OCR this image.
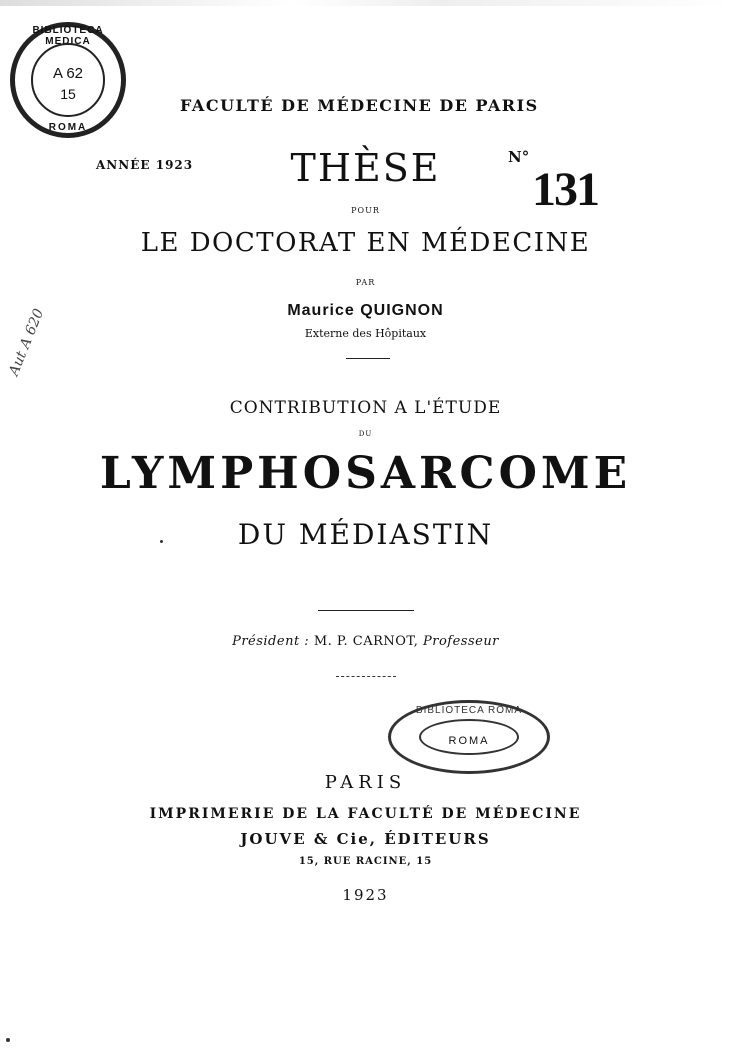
BIBLIOTECA MEDICA
A 62
15
ROMA
FACULTÉ DE MÉDECINE DE PARIS
ANNÉE 1923	THÈSE	N°
131
POUR
LE DOCTORAT EN MÉDECINE
PAR
Maurice QUIGNON
Externe des Hôpitaux
CONTRIBUTION A L'ÉTUDE
DU
LYMPHOSARCOME
DU MÉDIASTIN
Président : M. P. CARNOT, Professeur
BIBLIOTECA ROMA
ROMA
PARIS
IMPRIMERIE DE LA FACULTÉ DE MÉDECINE
JOUVE & Cie, ÉDITEURS
15, RUE RACINE, 15
1923
Aut A 620
